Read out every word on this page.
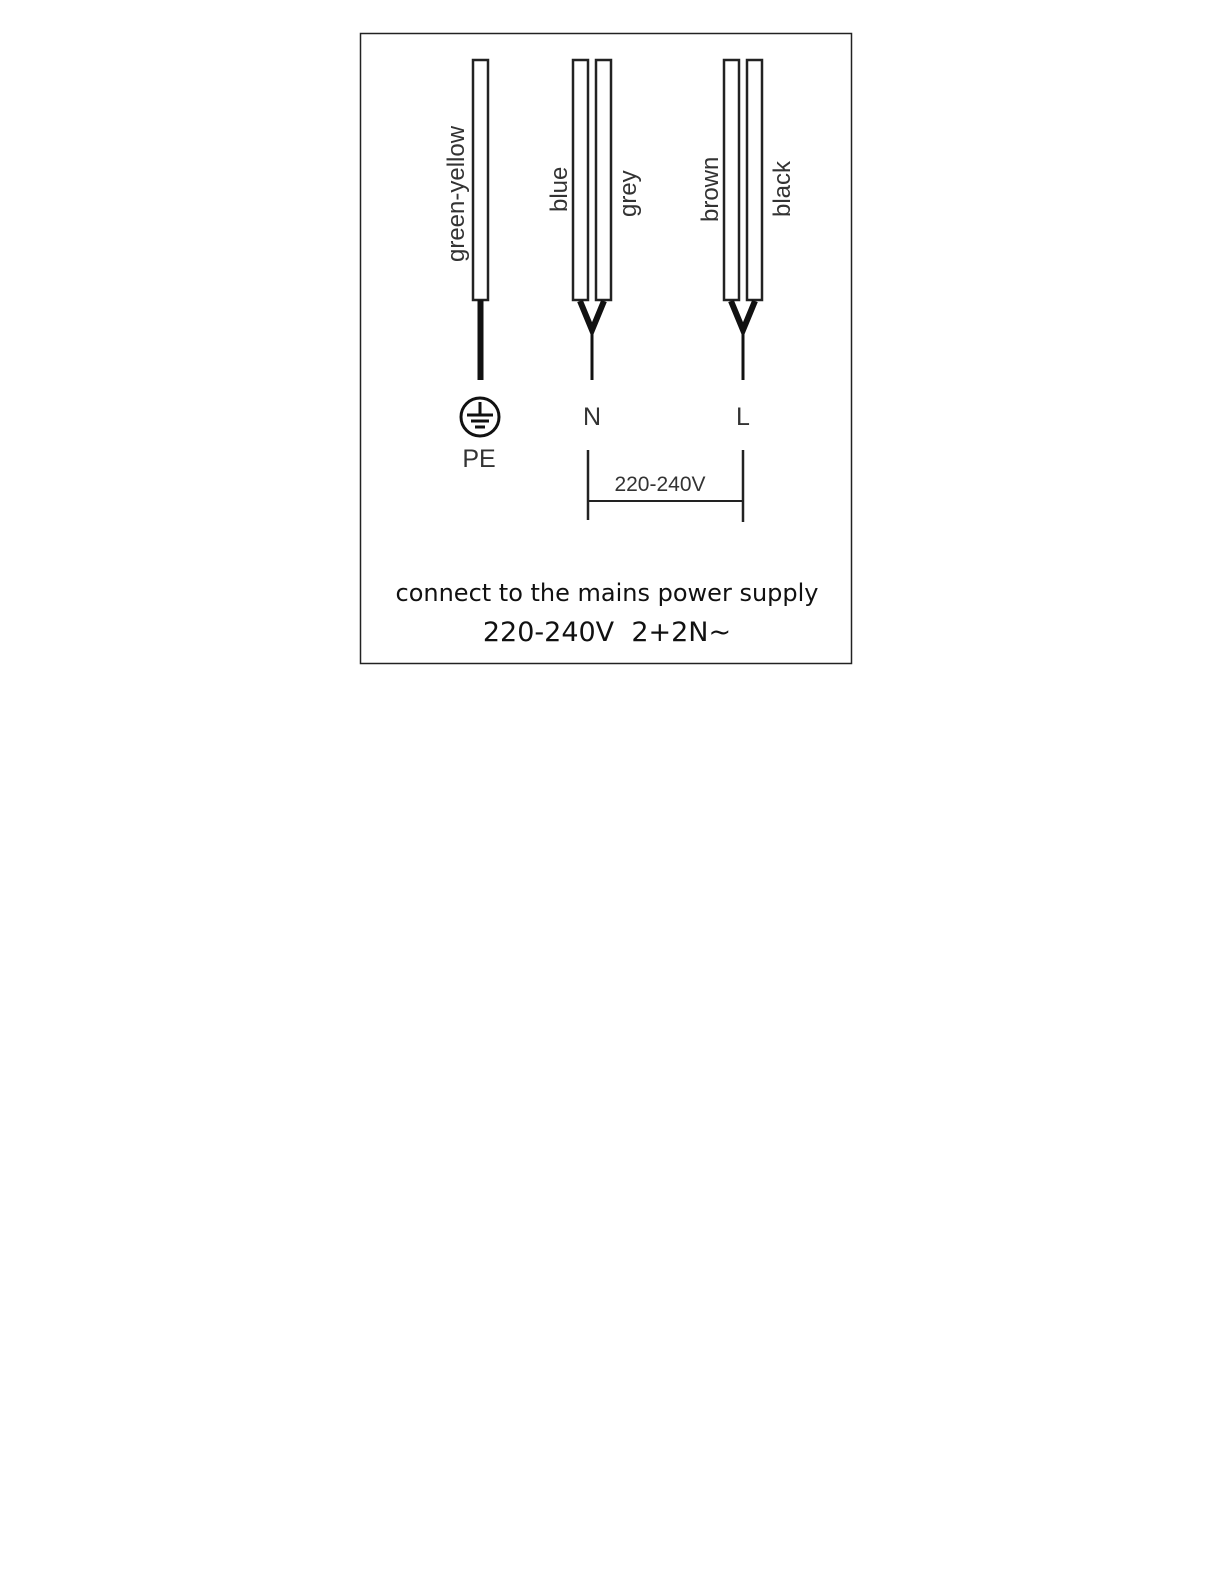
green-yellow
PE
blue grey
N
brown black
L
220-240V
connect to the mains power supply
220-240V  2+2N~
